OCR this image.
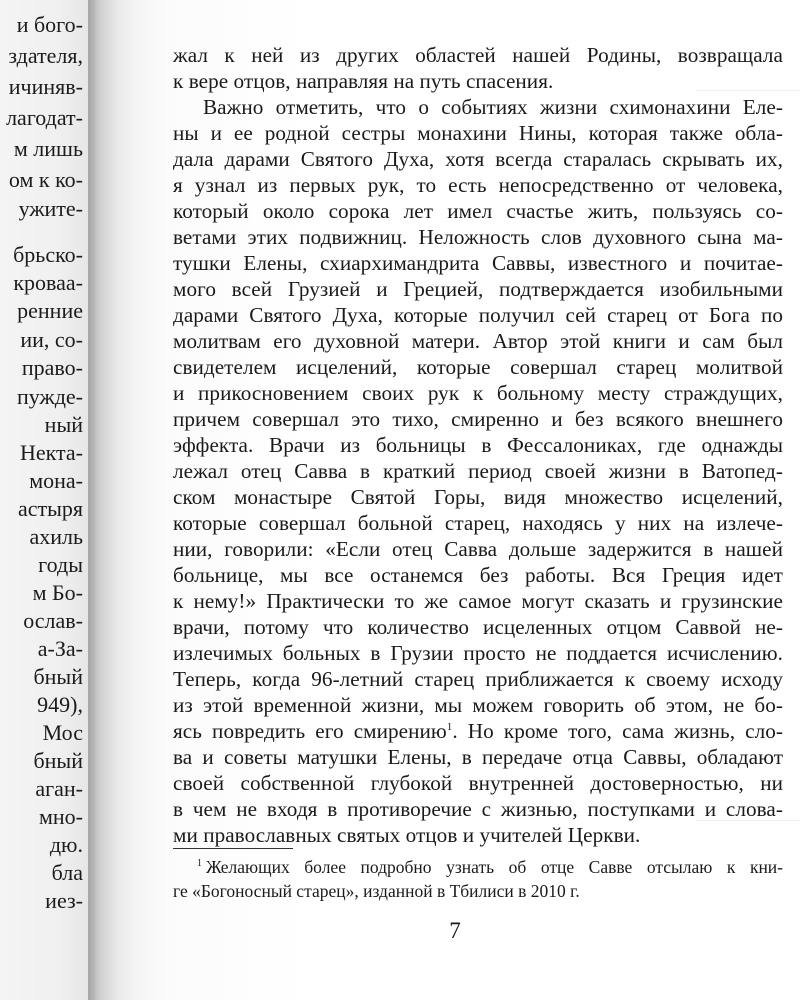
и бого-
здателя,
ичиняв-
лагодат-
м лишь
ом к ко-
ужите-
брьско-
кроваа-
ренние
ии, со-
право-
пужде-
ный
Некта-
мона-
астыря
ахиль
годы
м Бо-
ослав-
а-За-
бный
949),
Мос
бный
аган-
мно-
дю.
бла
иез-
жал к ней из других областей нашей Родины, возвращала
к вере отцов, направляя на путь спасения.
Важно отметить, что о событиях жизни схимонахини Еле-
ны и ее родной сестры монахини Нины, которая также обла-
дала дарами Святого Духа, хотя всегда старалась скрывать их,
я узнал из первых рук, то есть непосредственно от человека,
который около сорока лет имел счастье жить, пользуясь со-
ветами этих подвижниц. Неложность слов духовного сына ма-
тушки Елены, схиархимандрита Саввы, известного и почитае-
мого всей Грузией и Грецией, подтверждается изобильными
дарами Святого Духа, которые получил сей старец от Бога по
молитвам его духовной матери. Автор этой книги и сам был
свидетелем исцелений, которые совершал старец молитвой
и прикосновением своих рук к больному месту страждущих,
причем совершал это тихо, смиренно и без всякого внешнего
эффекта. Врачи из больницы в Фессалониках, где однажды
лежал отец Савва в краткий период своей жизни в Ватопед-
ском монастыре Святой Горы, видя множество исцелений,
которые совершал больной старец, находясь у них на излече-
нии, говорили: «Если отец Савва дольше задержится в нашей
больнице, мы все останемся без работы. Вся Греция идет
к нему!» Практически то же самое могут сказать и грузинские
врачи, потому что количество исцеленных отцом Саввой не-
излечимых больных в Грузии просто не поддается исчислению.
Теперь, когда 96-летний старец приближается к своему исходу
из этой временной жизни, мы можем говорить об этом, не бо-
ясь повредить его смирению$^1$. Но кроме того, сама жизнь, сло-
ва и советы матушки Елены, в передаче отца Саввы, обладают
своей собственной глубокой внутренней достоверностью, ни
в чем не входя в противоречие с жизнью, поступками и слова-
ми православных святых отцов и учителей Церкви.
$^1$ Желающих более подробно узнать об отце Савве отсылаю к кни-
ге «Богоносный старец», изданной в Тбилиси в 2010 г.
7
